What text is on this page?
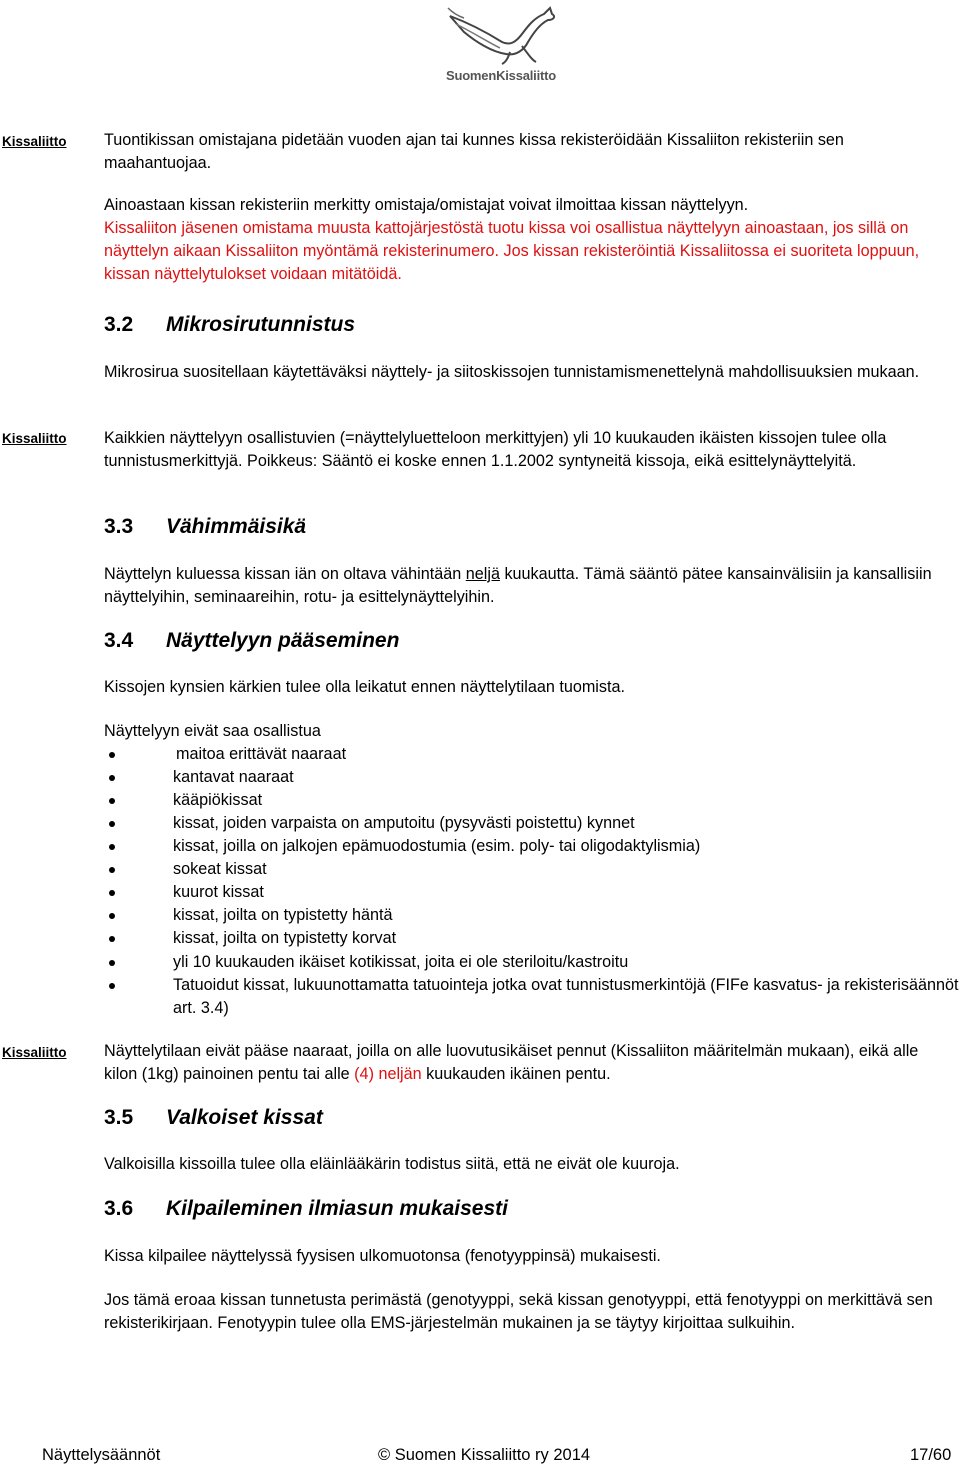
SuomenKissaliitto
Kissaliitto Tuontikissan omistajana pidetään vuoden ajan tai kunnes kissa rekisteröidään Kissaliiton rekisteriin sen maahantuojaa.

Ainoastaan kissan rekisteriin merkitty omistaja/omistajat voivat ilmoittaa kissan näyttelyyn.

Kissaliiton jäsenen omistama muusta kattojärjestöstä tuotu kissa voi osallistua näyttelyyn ainoastaan, jos sillä on näyttelyn aikaan Kissaliiton myöntämä rekisterinumero. Jos kissan rekisteröintiä Kissaliitossa ei suoriteta loppuun, kissan näyttelytulokset voidaan mitätöidä.

3.2 Mikrosirutunnistus

Mikrosirua suositellaan käytettäväksi näyttely- ja siitoskissojen tunnistamismenettelynä mahdollisuuksien mukaan.

Kissaliitto Kaikkien näyttelyyn osallistuvien (=näyttelyluetteloon merkittyjen) yli 10 kuukauden ikäisten kissojen tulee olla tunnistusmerkittyjä. Poikkeus: Sääntö ei koske ennen 1.1.2002 syntyneitä kissoja, eikä esittelynäyttelyitä.

3.3 Vähimmäisikä

Näyttelyn kuluessa kissan iän on oltava vähintään neljä kuukautta. Tämä sääntö pätee kansainvälisiin ja kansallisiin näyttelyihin, seminaareihin, rotu- ja esittelynäyttelyihin.

3.4 Näyttelyyn pääseminen

Kissojen kynsien kärkien tulee olla leikatut ennen näyttelytilaan tuomista.

Näyttelyyn eivät saa osallistua

maitoa erittävät naaraat
kantavat naaraat
kääpiökissat
kissat, joiden varpaista on amputoitu (pysyvästi poistettu) kynnet
kissat, joilla on jalkojen epämuodostumia (esim. poly- tai oligodaktylismia)
sokeat kissat
kuurot kissat
kissat, joilta on typistetty häntä
kissat, joilta on typistetty korvat
yli 10 kuukauden ikäiset kotikissat, joita ei ole steriloitu/kastroitu
Tatuoidut kissat, lukuunottamatta tatuointeja jotka ovat tunnistusmerkintöjä (FIFe kasvatus- ja rekisterisäännöt art. 3.4)
Kissaliitto Näyttelytilaan eivät pääse naaraat, joilla on alle luovutusikäiset pennut (Kissaliiton määritelmän mukaan), eikä alle kilon (1kg) painoinen pentu tai alle (4) neljän kuukauden ikäinen pentu.

3.5 Valkoiset kissat

Valkoisilla kissoilla tulee olla eläinlääkärin todistus siitä, että ne eivät ole kuuroja.

3.6 Kilpaileminen ilmiasun mukaisesti

Kissa kilpailee näyttelyssä fyysisen ulkomuotonsa (fenotyyppinsä) mukaisesti.

Jos tämä eroaa kissan tunnetusta perimästä (genotyyppi, sekä kissan genotyyppi, että fenotyyppi on merkittävä sen rekisterikirjaan. Fenotyypin tulee olla EMS-järjestelmän mukainen ja se täytyy kirjoittaa sulkuihin.

Näyttelysäännöt	© Suomen Kissaliitto ry 2014	17/60
